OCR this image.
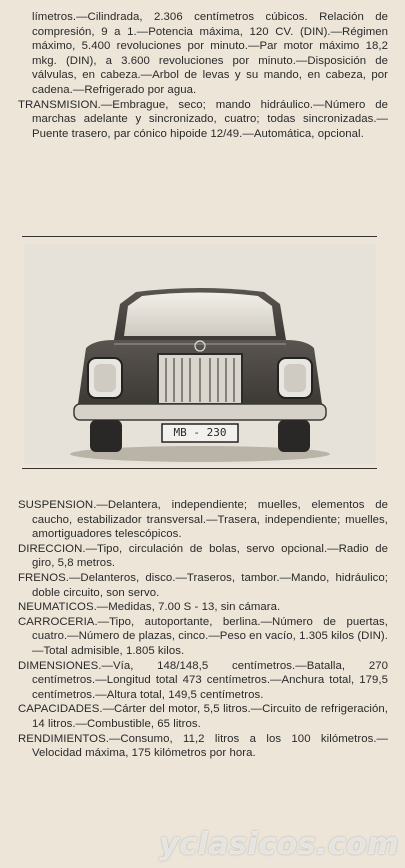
límetros.—Cilindrada, 2.306 centímetros cúbicos. Relación de compresión, 9 a 1.—Potencia máxima, 120 CV. (DIN).—Régimen máximo, 5.400 revoluciones por minuto.—Par motor máximo 18,2 mkg. (DIN), a 3.600 revoluciones por minuto.—Disposición de válvulas, en cabeza.—Arbol de levas y su mando, en cabeza, por cadena.—Refrigerado por agua.

TRANSMISION.—Embrague, seco; mando hidráulico.—Número de marchas adelante y sincronizado, cuatro; todas sincronizadas.—Puente trasero, par cónico hipoide 12/49.—Automática, opcional.

MB - 230

SUSPENSION.—Delantera, independiente; muelles, elementos de caucho, estabilizador transversal.—Trasera, independiente; muelles, amortiguadores telescópicos.

DIRECCION.—Tipo, circulación de bolas, servo opcional.—Radio de giro, 5,8 metros.

FRENOS.—Delanteros, disco.—Traseros, tambor.—Mando, hidráulico; doble circuito, son servo.

NEUMATICOS.—Medidas, 7.00 S - 13, sin cámara.

CARROCERIA.—Tipo, autoportante, berlina.—Número de puertas, cuatro.—Número de plazas, cinco.—Peso en vacío, 1.305 kilos (DIN).—Total admisible, 1.805 kilos.

DIMENSIONES.—Vía, 148/148,5 centímetros.—Batalla, 270 centímetros.—Longitud total 473 centímetros.—Anchura total, 179,5 centímetros.—Altura total, 149,5 centímetros.

CAPACIDADES.—Cárter del motor, 5,5 litros.—Circuito de refrigeración, 14 litros.—Combustible, 65 litros.

RENDIMIENTOS.—Consumo, 11,2 litros a los 100 kilómetros.—Velocidad máxima, 175 kilómetros por hora.

yclasicos.com
